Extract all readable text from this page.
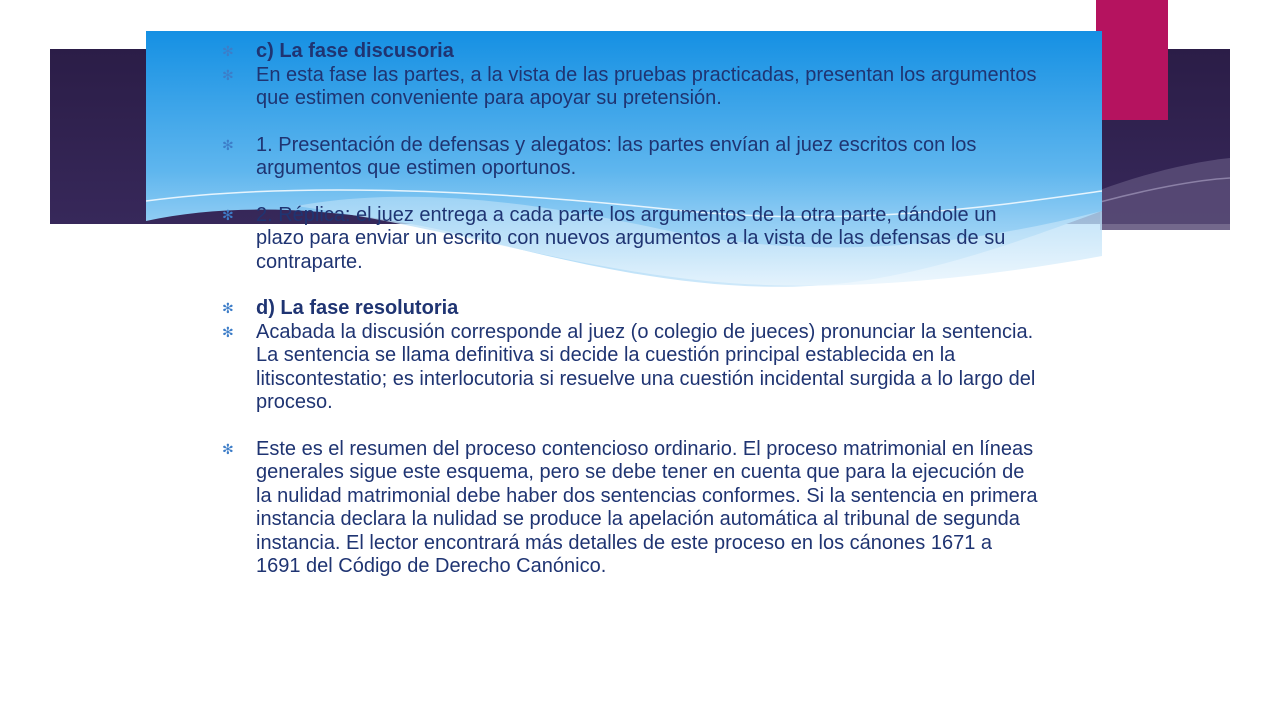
✻ c) La fase discusoria
✻ En esta fase las partes, a la vista de las pruebas practicadas, presentan los argumentos que estimen conveniente para apoyar su pretensión.
✻ 1. Presentación de defensas y alegatos: las partes envían al juez escritos con los argumentos que estimen oportunos.
✻ 2. Réplica: el juez entrega a cada parte los argumentos de la otra parte, dándole un plazo para enviar un escrito con nuevos argumentos a la vista de las defensas de su contraparte.
✻ d) La fase resolutoria
✻ Acabada la discusión corresponde al juez (o colegio de jueces) pronunciar la sentencia. La sentencia se llama definitiva si decide la cuestión principal establecida en la litiscontestatio; es interlocutoria si resuelve una cuestión incidental surgida a lo largo del proceso.
✻ Este es el resumen del proceso contencioso ordinario. El proceso matrimonial en líneas generales sigue este esquema, pero se debe tener en cuenta que para la ejecución de la nulidad matrimonial debe haber dos sentencias conformes. Si la sentencia en primera instancia declara la nulidad se produce la apelación automática al tribunal de segunda instancia. El lector encontrará más detalles de este proceso en los cánones 1671 a 1691 del Código de Derecho Canónico.
